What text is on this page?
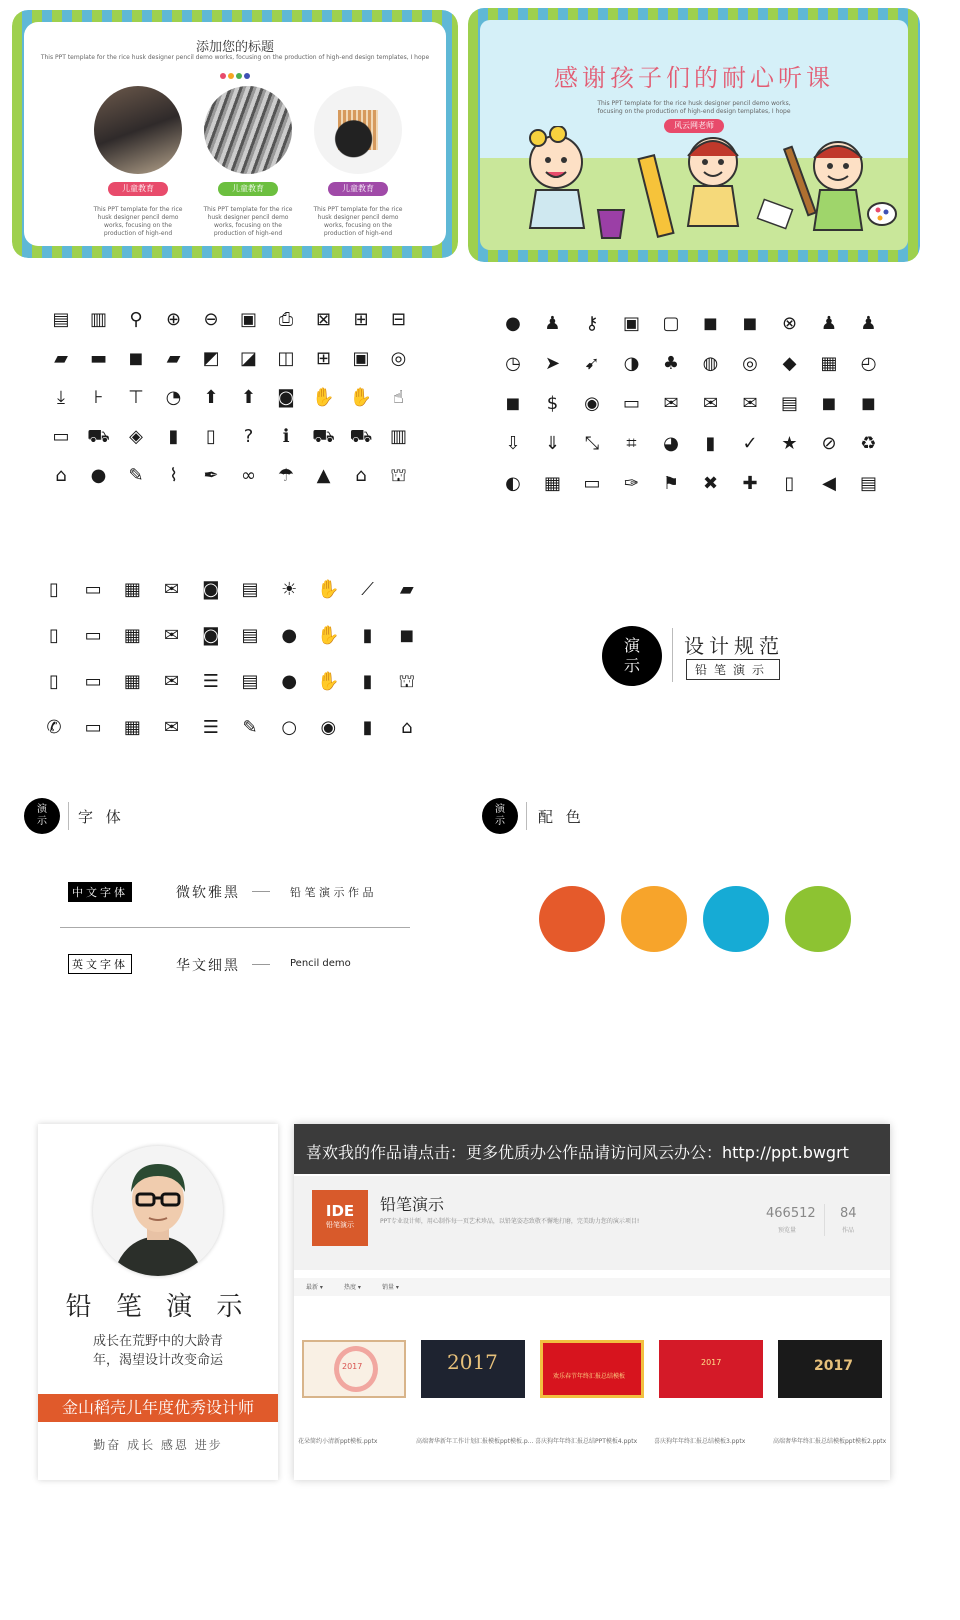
添加您的标题
This PPT template for the rice husk designer pencil demo works, focusing on the production of high-end design templates, I hope
儿童教育	儿童教育	儿童教育
This PPT template for the rice husk designer pencil demo works, focusing on the production of high-end
This PPT template for the rice husk designer pencil demo works, focusing on the production of high-end
This PPT template for the rice husk designer pencil demo works, focusing on the production of high-end
感谢孩子们的耐心听课
This PPT template for the rice husk designer pencil demo works, focusing on the production of high-end design templates, I hope
风云网老师
▤ ▥ ⚲ ⊕ ⊖ ▣ ⎙ ⊠ ⊞ ⊟
▰ ▬ ◼ ▰ ◩ ◪ ◫ ⊞ ▣ ◎
⤓	⊦	⊤ ◔ ⬆ ⬆ ◙ ✋ ✋	☝
▭ ⛟ ◈	▮	▯	?	ℹ	⛟ ⛟ ▥
⌂ ● ✎	⌇	✒ ∞ ☂ ▲ ⌂ ⛫
● ♟ ⚷ ▣ ▢ ◼ ◼ ⊗ ♟ ♟
◷ ➤ ➹ ◑ ♣ ◍ ◎ ◆ ▦ ◴
◼ $ ◉ ▭ ✉ ✉ ✉ ▤ ◼ ◼
⇩ ⇓ ⤡	⌗	◕	▮	✓ ★ ⊘ ♻
◐ ▦ ▭ ✑ ⚑ ✖ ✚	▯	◀ ▤
▯	▭ ▦ ✉ ◙ ▤ ☀ ✋ ⟋ ▰
▯	▭ ▦ ✉ ◙ ▤ ● ✋	▮	◼
▯	▭ ▦ ✉ ☰ ▤ ● ✋	▮	⛫
✆ ▭ ▦ ✉ ☰ ✎ ○ ◉	▮	⌂
演
示
设计规范
铅笔演示
演
示 字 体
中文字体	微软雅黑	铅 笔 演 示 作 品
英文字体	华文细黑	Pencil demo
演
示 配 色
铅 笔 演 示
成长在荒野中的大龄青
年，渴望设计改变命运
金山稻壳儿年度优秀设计师
勤奋 成长 感恩 进步
喜欢我的作品请点击：更多优质办公作品请访问风云办公：http://ppt.bwgrt
IDE
铅笔演示
铅笔演示
PPT专业设计师，用心制作每一页艺术珍品，以铅笔姿态致敬不懈地打磨，完美助力您的演示项目!
466512
预览量
84
作品
最新 ▾	热度 ▾	销量 ▾
2017	2017
欢乐春节年终汇报总结模板
2017	2017
花朵简约小清新ppt模板.pptx	高端奢华新年工作计划汇报模板ppt模板.p... 喜庆狗年年终汇报总结PPT模板4.pptx	喜庆狗年年终汇报总结模板3.pptx	高端奢华年终汇报总结模板ppt模板2.pptx
